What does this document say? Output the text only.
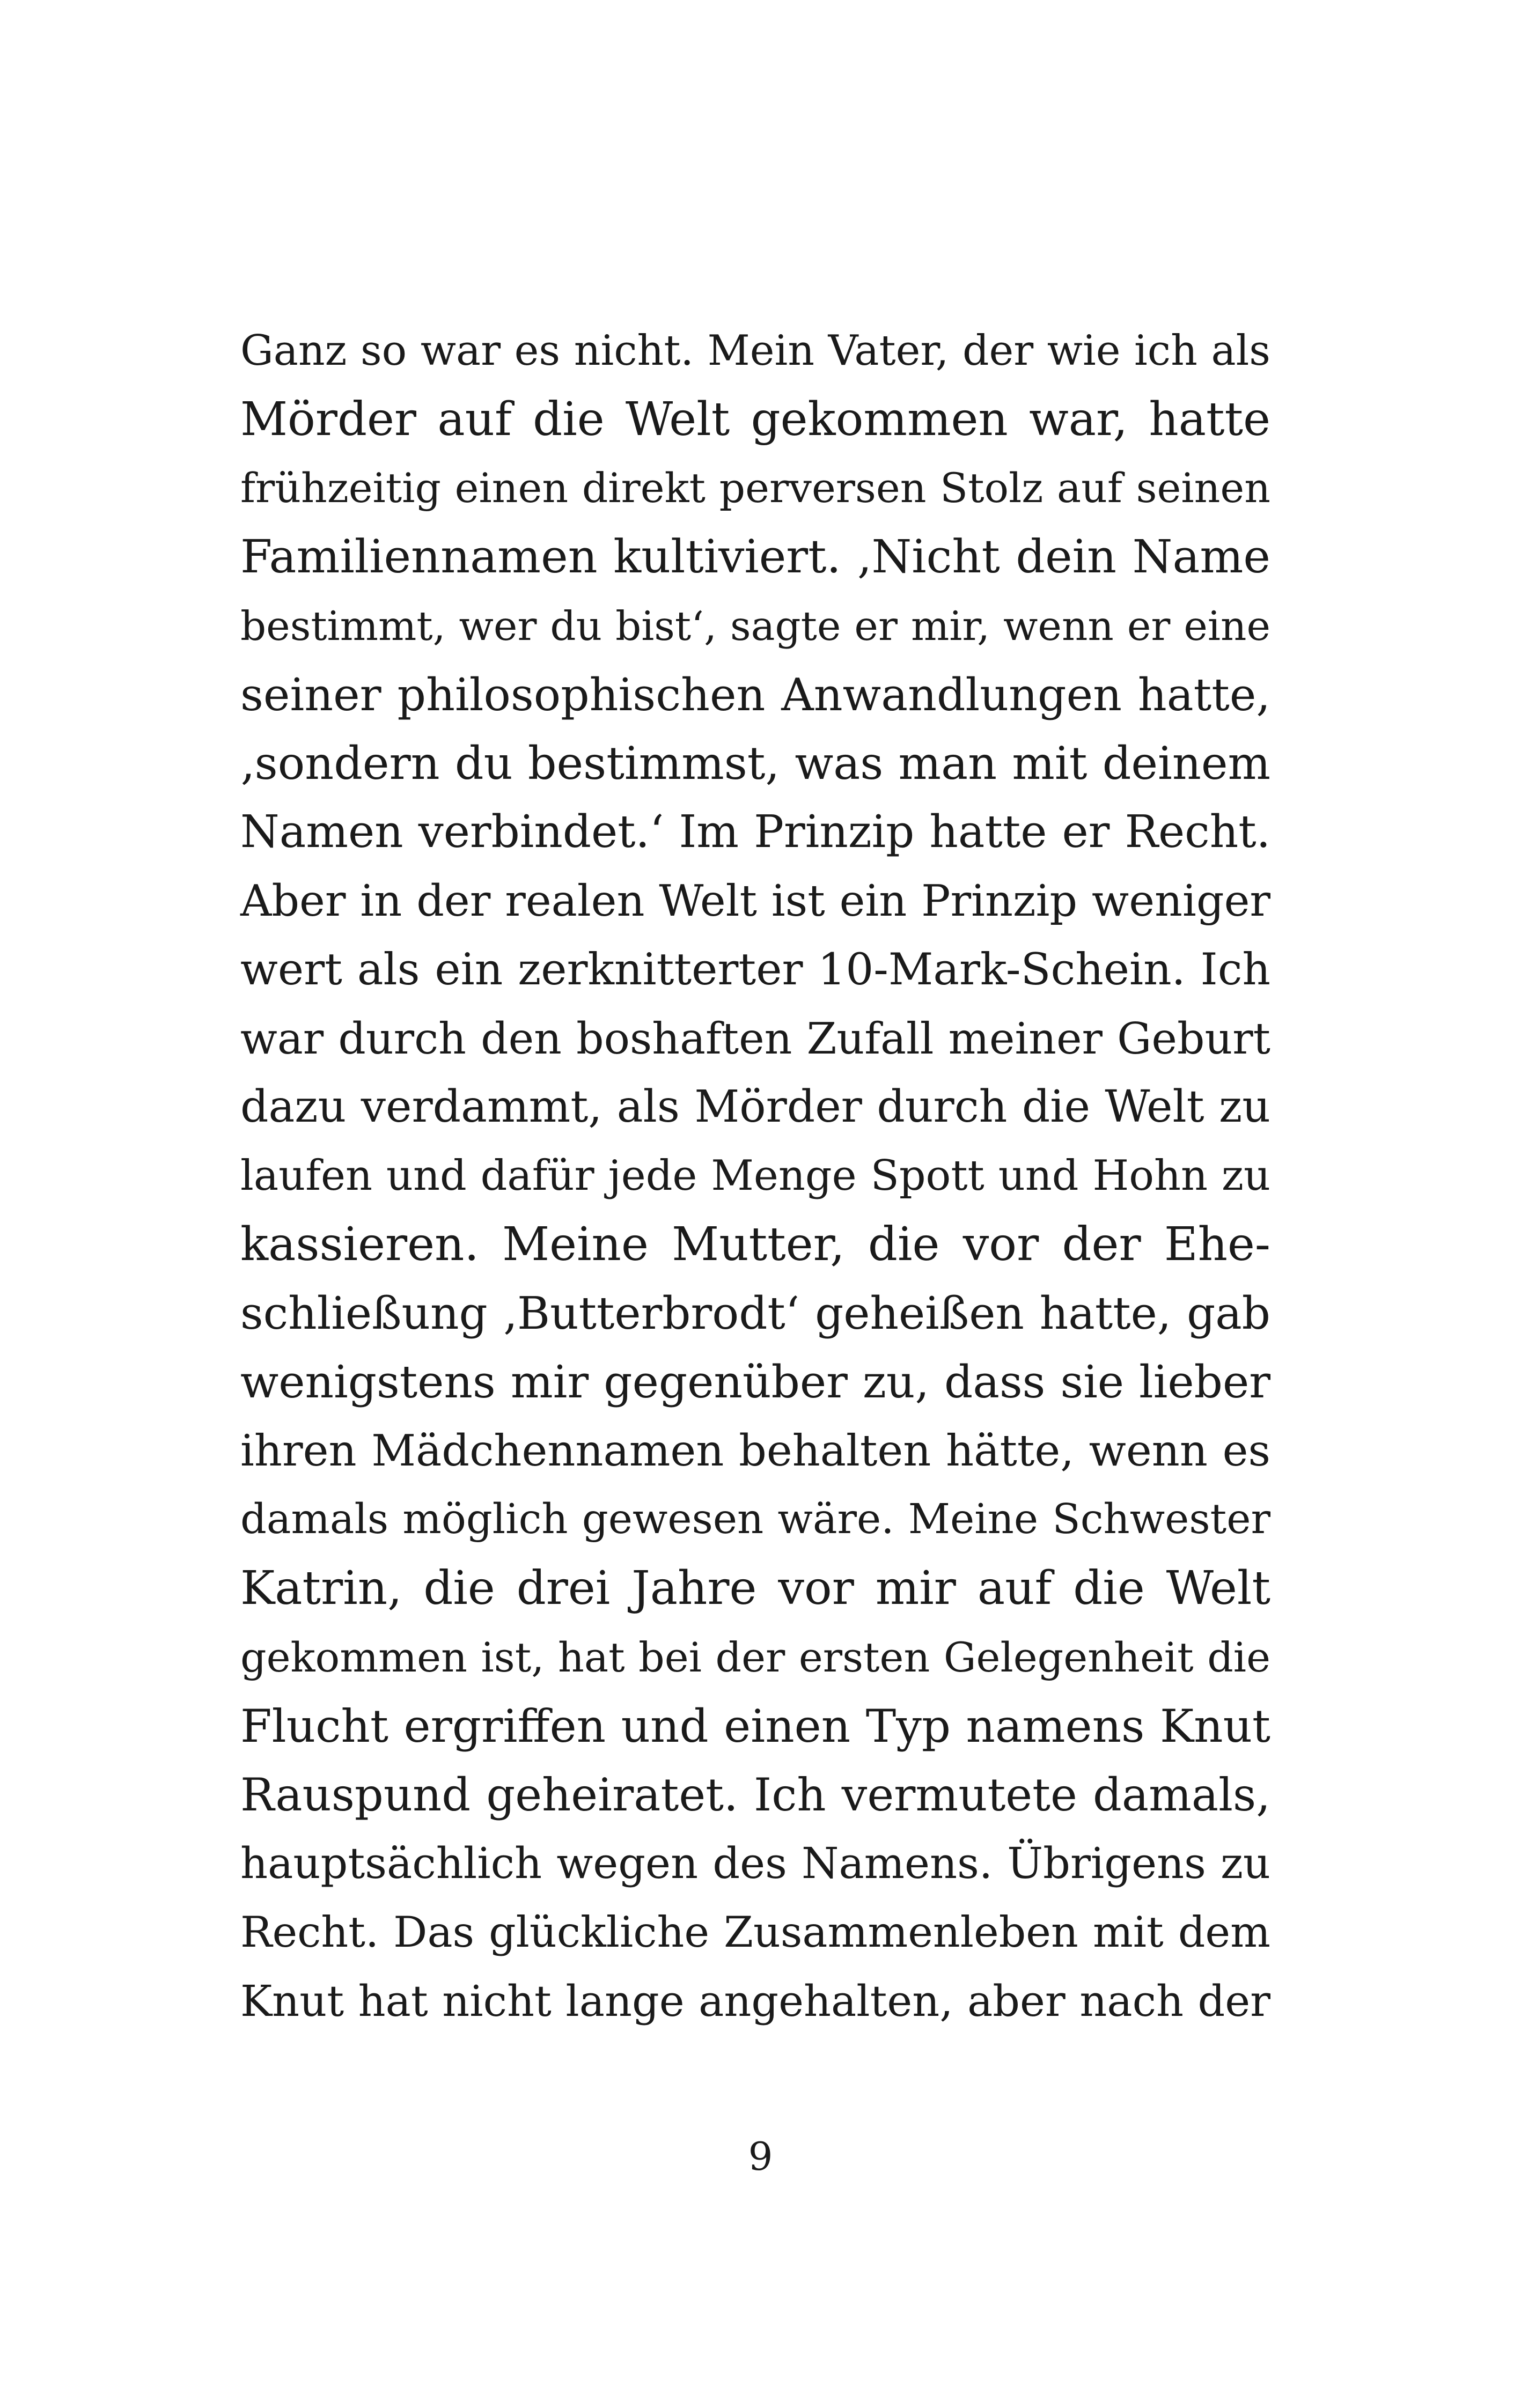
Ganz so war es nicht. Mein Vater, der wie ich als
Mörder auf die Welt gekommen war, hatte
frühzeitig einen direkt perversen Stolz auf seinen
Familiennamen kultiviert. ‚Nicht dein Name
bestimmt, wer du bist‘, sagte er mir, wenn er eine
seiner philosophischen Anwandlungen hatte,
‚sondern du bestimmst, was man mit deinem
Namen verbindet.‘ Im Prinzip hatte er Recht.
Aber in der realen Welt ist ein Prinzip weniger
wert als ein zerknitterter 10-Mark-Schein. Ich
war durch den boshaften Zufall meiner Geburt
dazu verdammt, als Mörder durch die Welt zu
laufen und dafür jede Menge Spott und Hohn zu
kassieren. Meine Mutter, die vor der Ehe-
schließung ‚Butterbrodt‘ geheißen hatte, gab
wenigstens mir gegenüber zu, dass sie lieber
ihren Mädchennamen behalten hätte, wenn es
damals möglich gewesen wäre. Meine Schwester
Katrin, die drei Jahre vor mir auf die Welt
gekommen ist, hat bei der ersten Gelegenheit die
Flucht ergriffen und einen Typ namens Knut
Rauspund geheiratet. Ich vermutete damals,
hauptsächlich wegen des Namens. Übrigens zu
Recht. Das glückliche Zusammenleben mit dem
Knut hat nicht lange angehalten, aber nach der
9
